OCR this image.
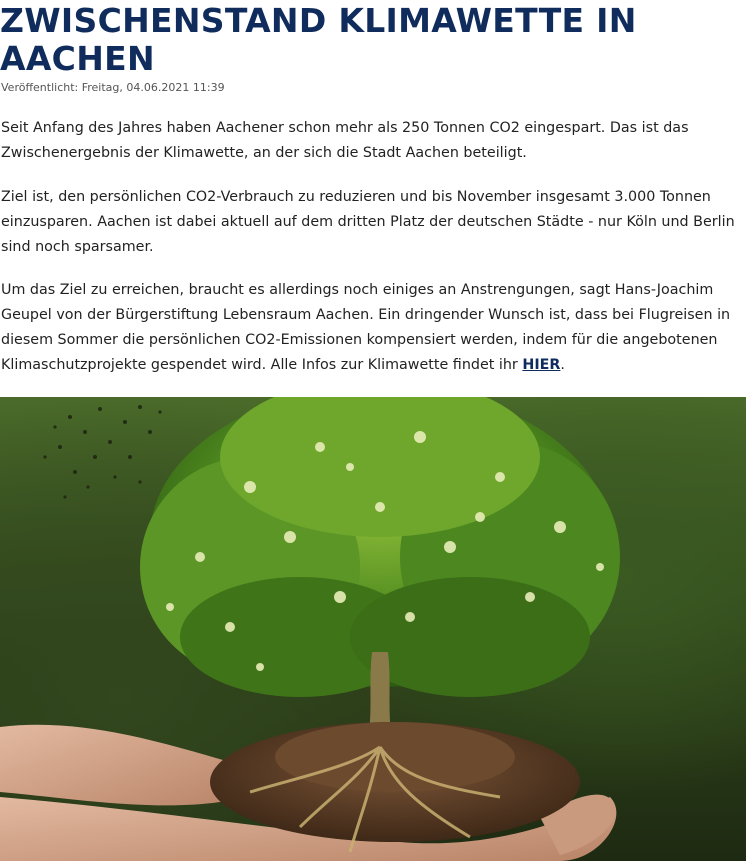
ZWISCHENSTAND KLIMAWETTE IN AACHEN
Veröffentlicht: Freitag, 04.06.2021 11:39

Seit Anfang des Jahres haben Aachener schon mehr als 250 Tonnen CO2 eingespart. Das ist das Zwischenergebnis der Klimawette, an der sich die Stadt Aachen beteiligt.

Ziel ist, den persönlichen CO2-Verbrauch zu reduzieren und bis November insgesamt 3.000 Tonnen einzusparen. Aachen ist dabei aktuell auf dem dritten Platz der deutschen Städte - nur Köln und Berlin sind noch sparsamer.

Um das Ziel zu erreichen, braucht es allerdings noch einiges an Anstrengungen, sagt Hans-Joachim Geupel von der Bürgerstiftung Lebensraum Aachen. Ein dringender Wunsch ist, dass bei Flugreisen in diesem Sommer die persönlichen CO2-Emissionen kompensiert werden, indem für die angebotenen Klimaschutzprojekte gespendet wird. Alle Infos zur Klimawette findet ihr HIER.
